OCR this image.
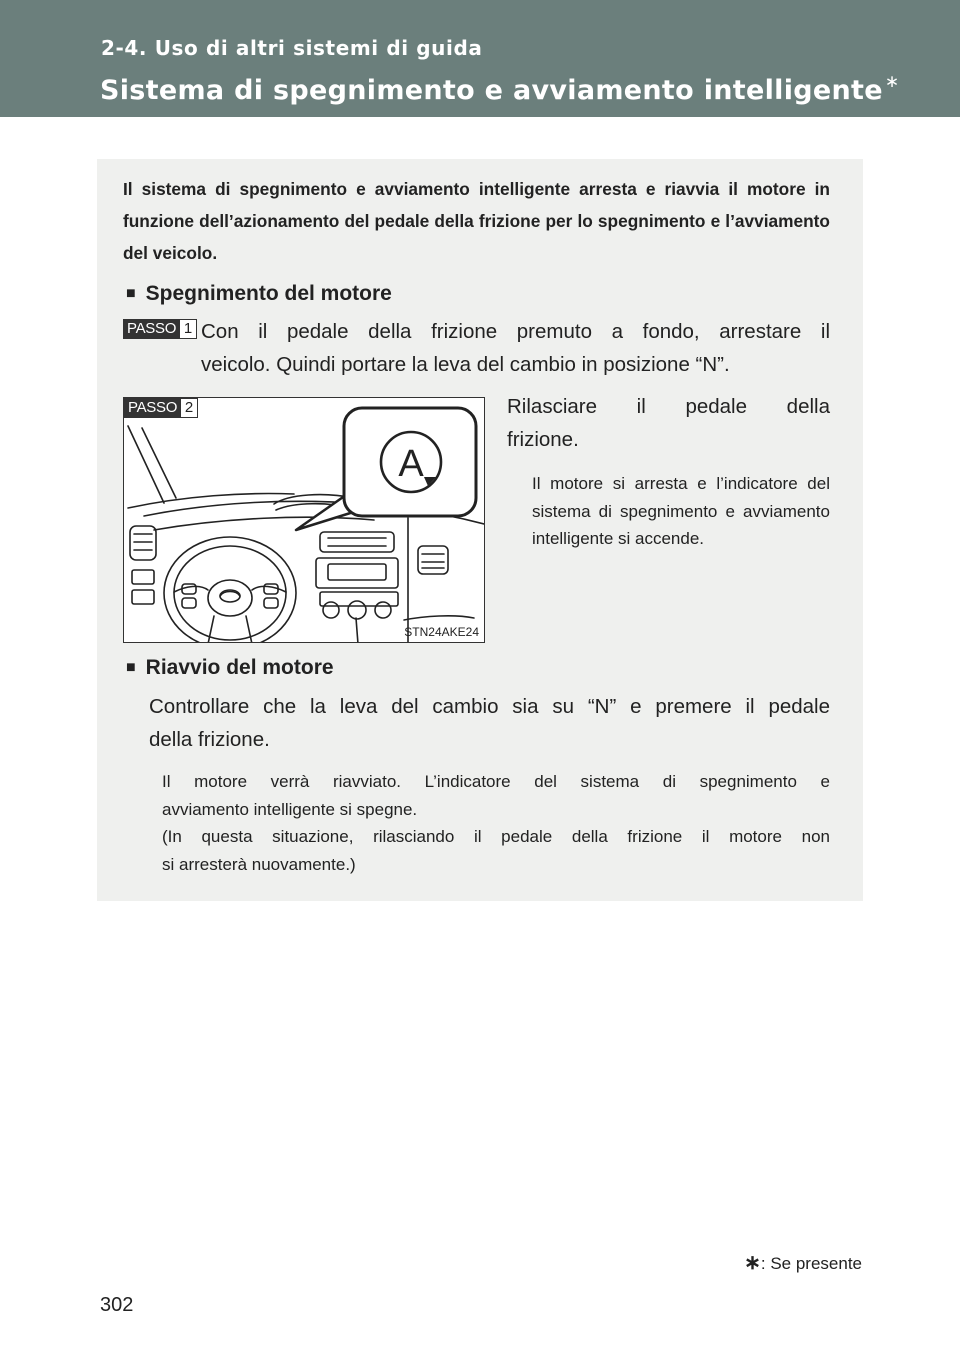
2-4. Uso di altri sistemi di guida

Sistema di spegnimento e avviamento intelligente ∗

Il sistema di spegnimento e avviamento intelligente arresta e riavvia il motore in funzione dell’azionamento del pedale della frizione per lo spegnimento e l’avviamento del veicolo.

■ Spegnimento del motore

PASSO 1 Con il pedale della frizione premuto a fondo, arrestare il
veicolo. Quindi portare la leva del cambio in posizione “N”.

A
PASSO 2
STN24AKE24

Rilasciare il pedale della
frizione.

Il motore si arresta e l’indicatore del sistema di spegnimento e avviamento intelligente si accende.

■ Riavvio del motore

Controllare che la leva del cambio sia su “N” e premere il pedale
della frizione.

Il motore verrà riavviato. L’indicatore del sistema di spegnimento e
avviamento intelligente si spegne.
(In questa situazione, rilasciando il pedale della frizione il motore non
si arresterà nuovamente.)

∗: Se presente

302
